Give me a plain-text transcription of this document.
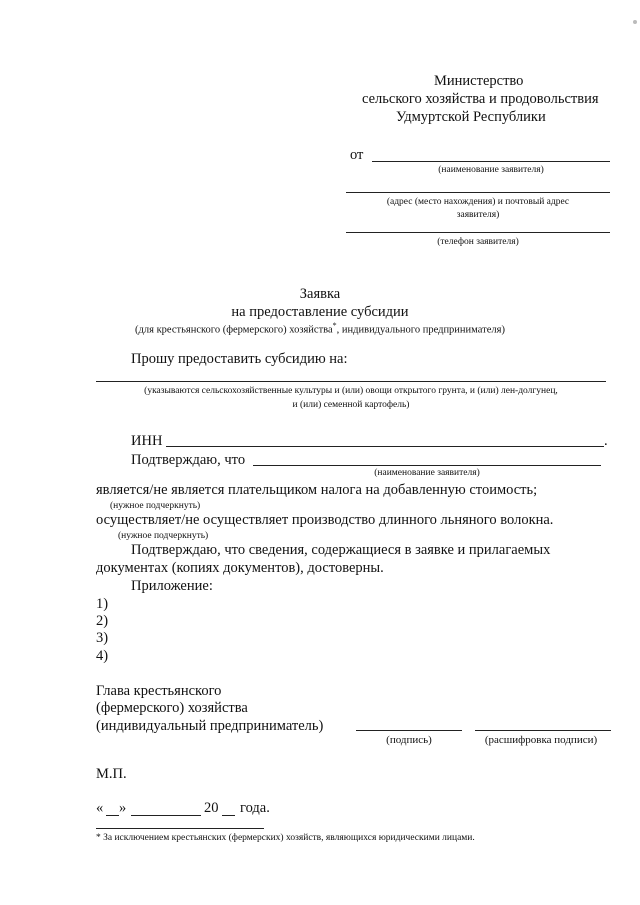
Министерство
сельского хозяйства и продовольствия
Удмуртской Республики
от
(наименование заявителя)
(адрес (место нахождения) и почтовый адрес
заявителя)
(телефон заявителя)
Заявка
на предоставление субсидии
(для крестьянского (фермерского) хозяйства*, индивидуального предпринимателя)
Прошу предоставить субсидию на:
(указываются сельскохозяйственные культуры и (или) овощи открытого грунта, и (или) лен-долгунец,
и (или) семенной картофель)
ИНН	.
Подтверждаю, что
(наименование заявителя)
является/не является плательщиком налога на добавленную стоимость;
(нужное подчеркнуть)
осуществляет/не осуществляет производство длинного льняного волокна.
(нужное подчеркнуть)
Подтверждаю, что сведения, содержащиеся в заявке и прилагаемых
документах (копиях документов), достоверны.
Приложение:
1)
2)
3)
4)
Глава крестьянского
(фермерского) хозяйства
(индивидуальный предприниматель)
(подпись)	(расшифровка подписи)
М.П.
« »	20 года.
* За исключением крестьянских (фермерских) хозяйств, являющихся юридическими лицами.
